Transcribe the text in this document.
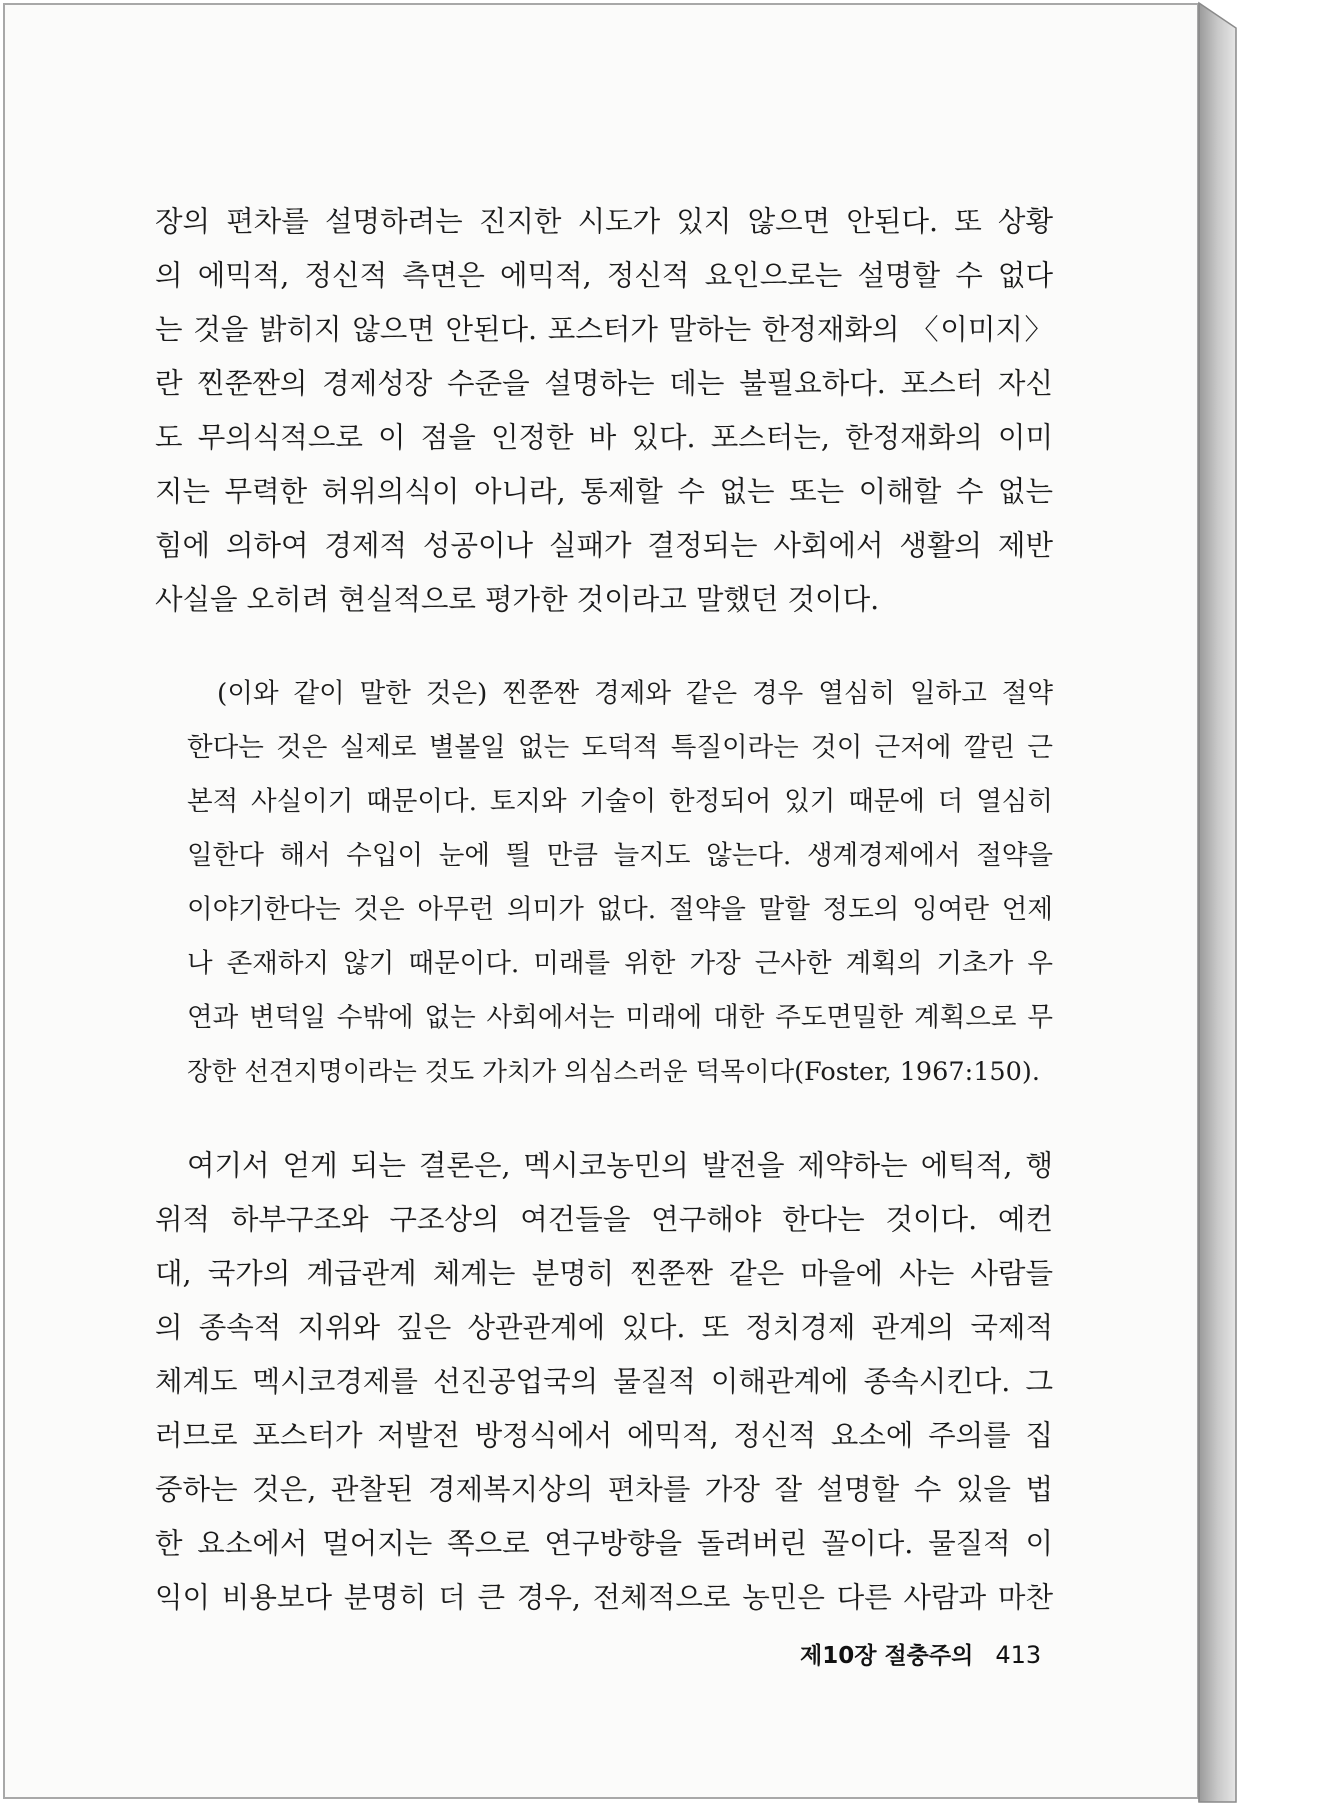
장의 편차를 설명하려는 진지한 시도가 있지 않으면 안된다. 또 상황
의 에믹적, 정신적 측면은 에믹적, 정신적 요인으로는 설명할 수 없다
는 것을 밝히지 않으면 안된다. 포스터가 말하는 한정재화의 〈이미지〉
란 찐쭌짠의 경제성장 수준을 설명하는 데는 불필요하다. 포스터 자신
도 무의식적으로 이 점을 인정한 바 있다. 포스터는, 한정재화의 이미
지는 무력한 허위의식이 아니라, 통제할 수 없는 또는 이해할 수 없는
힘에 의하여 경제적 성공이나 실패가 결정되는 사회에서 생활의 제반
사실을 오히려 현실적으로 평가한 것이라고 말했던 것이다.
(이와 같이 말한 것은) 찐쭌짠 경제와 같은 경우 열심히 일하고 절약
한다는 것은 실제로 별볼일 없는 도덕적 특질이라는 것이 근저에 깔린 근
본적 사실이기 때문이다. 토지와 기술이 한정되어 있기 때문에 더 열심히
일한다 해서 수입이 눈에 띌 만큼 늘지도 않는다. 생계경제에서 절약을
이야기한다는 것은 아무런 의미가 없다. 절약을 말할 정도의 잉여란 언제
나 존재하지 않기 때문이다. 미래를 위한 가장 근사한 계획의 기초가 우
연과 변덕일 수밖에 없는 사회에서는 미래에 대한 주도면밀한 계획으로 무
장한 선견지명이라는 것도 가치가 의심스러운 덕목이다(Foster, 1967:150).
여기서 얻게 되는 결론은, 멕시코농민의 발전을 제약하는 에틱적, 행
위적 하부구조와 구조상의 여건들을 연구해야 한다는 것이다. 예컨
대, 국가의 계급관계 체계는 분명히 찐쭌짠 같은 마을에 사는 사람들
의 종속적 지위와 깊은 상관관계에 있다. 또 정치경제 관계의 국제적
체계도 멕시코경제를 선진공업국의 물질적 이해관계에 종속시킨다. 그
러므로 포스터가 저발전 방정식에서 에믹적, 정신적 요소에 주의를 집
중하는 것은, 관찰된 경제복지상의 편차를 가장 잘 설명할 수 있을 법
한 요소에서 멀어지는 쪽으로 연구방향을 돌려버린 꼴이다. 물질적 이
익이 비용보다 분명히 더 큰 경우, 전체적으로 농민은 다른 사람과 마찬
제10장 절충주의 413
